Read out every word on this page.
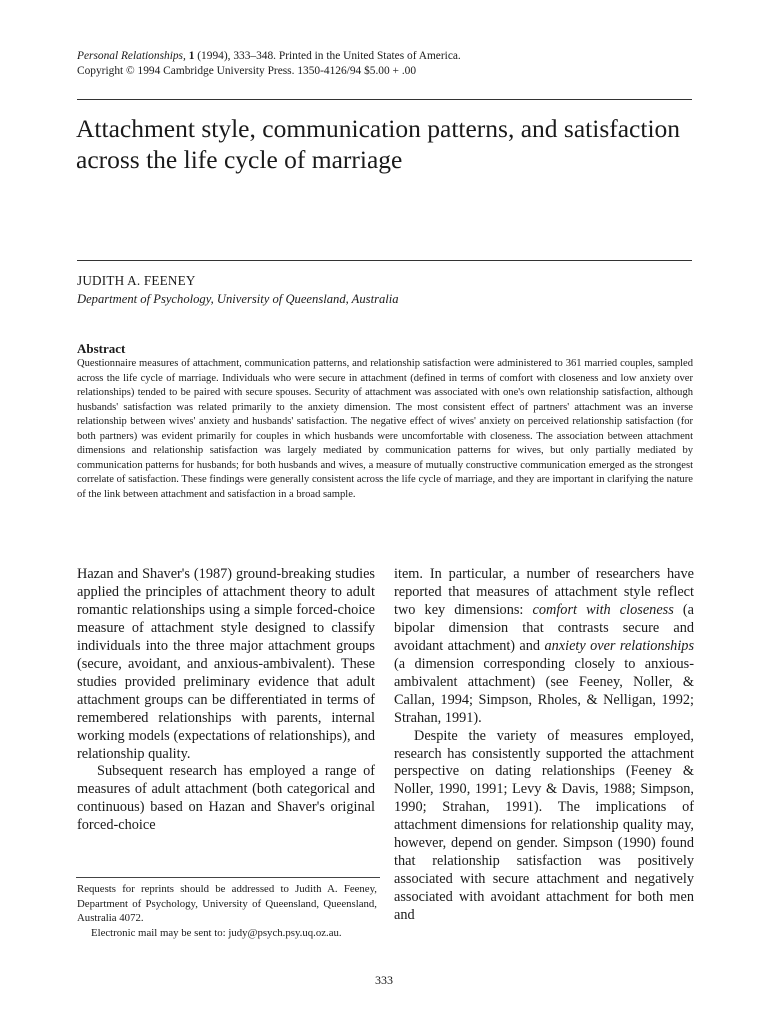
Personal Relationships, 1 (1994), 333–348. Printed in the United States of America.
Copyright © 1994 Cambridge University Press. 1350-4126/94 $5.00 + .00
Attachment style, communication patterns, and satisfaction across the life cycle of marriage
JUDITH A. FEENEY
Department of Psychology, University of Queensland, Australia
Abstract

Questionnaire measures of attachment, communication patterns, and relationship satisfaction were administered to 361 married couples, sampled across the life cycle of marriage. Individuals who were secure in attachment (defined in terms of comfort with closeness and low anxiety over relationships) tended to be paired with secure spouses. Security of attachment was associated with one's own relationship satisfaction, although husbands' satisfaction was related primarily to the anxiety dimension. The most consistent effect of partners' attachment was an inverse relationship between wives' anxiety and husbands' satisfaction. The negative effect of wives' anxiety on perceived relationship satisfaction (for both partners) was evident primarily for couples in which husbands were uncomfortable with closeness. The association between attachment dimensions and relationship satisfaction was largely mediated by communication patterns for wives, but only partially mediated by communication patterns for husbands; for both husbands and wives, a measure of mutually constructive communication emerged as the strongest correlate of satisfaction. These findings were generally consistent across the life cycle of marriage, and they are important in clarifying the nature of the link between attachment and satisfaction in a broad sample.

Hazan and Shaver's (1987) ground-breaking studies applied the principles of attachment theory to adult romantic relationships using a simple forced-choice measure of attachment style designed to classify individuals into the three major attachment groups (secure, avoidant, and anxious-ambivalent). These studies provided preliminary evidence that adult attachment groups can be differentiated in terms of remembered relationships with parents, internal working models (expectations of relationships), and relationship quality.

Subsequent research has employed a range of measures of adult attachment (both categorical and continuous) based on Hazan and Shaver's original forced-choice

item. In particular, a number of researchers have reported that measures of attachment style reflect two key dimensions: comfort with closeness (a bipolar dimension that contrasts secure and avoidant attachment) and anxiety over relationships (a dimension corresponding closely to anxious-ambivalent attachment) (see Feeney, Noller, & Callan, 1994; Simpson, Rholes, & Nelligan, 1992; Strahan, 1991).

Despite the variety of measures employed, research has consistently supported the attachment perspective on dating relationships (Feeney & Noller, 1990, 1991; Levy & Davis, 1988; Simpson, 1990; Strahan, 1991). The implications of attachment dimensions for relationship quality may, however, depend on gender. Simpson (1990) found that relationship satisfaction was positively associated with secure attachment and negatively associated with avoidant attachment for both men and

Requests for reprints should be addressed to Judith A. Feeney, Department of Psychology, University of Queensland, Queensland, Australia 4072.

Electronic mail may be sent to: judy@psych.psy.uq.oz.au.

333
